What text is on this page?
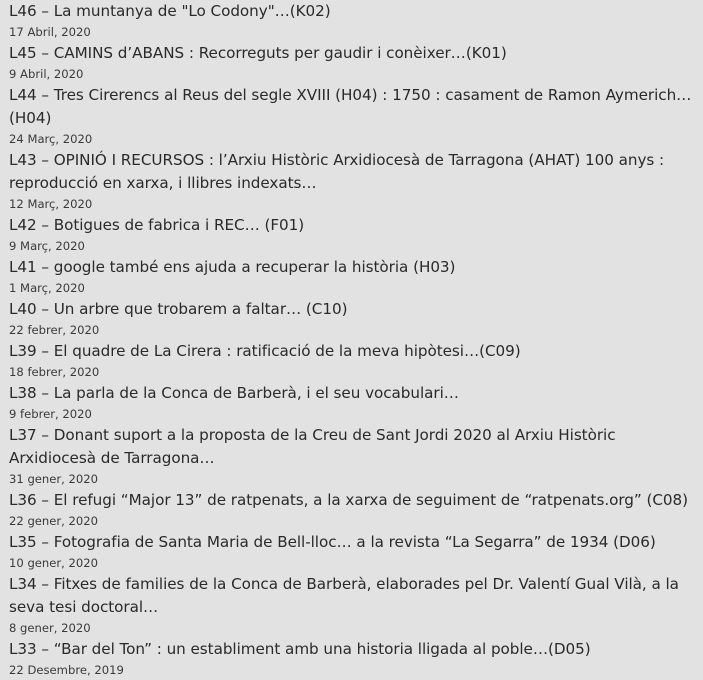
L46 – La muntanya de "Lo Codony"…(K02)
17 Abril, 2020
L45 – CAMINS d’ABANS : Recorreguts per gaudir i conèixer…(K01)
9 Abril, 2020
L44 – Tres Cirerencs al Reus del segle XVIII (H04) : 1750 : casament de Ramon Aymerich… (H04)
24 Març, 2020
L43 – OPINIÓ I RECURSOS : l’Arxiu Històric Arxidiocesà de Tarragona (AHAT) 100 anys : reproducció en xarxa, i llibres indexats…
12 Març, 2020
L42 – Botigues de fabrica i REC… (F01)
9 Març, 2020
L41 – google també ens ajuda a recuperar la història (H03)
1 Març, 2020
L40 – Un arbre que trobarem a faltar… (C10)
22 febrer, 2020
L39 – El quadre de La Cirera : ratificació de la meva hipòtesi…(C09)
18 febrer, 2020
L38 – La parla de la Conca de Barberà, i el seu vocabulari…
9 febrer, 2020
L37 – Donant suport a la proposta de la Creu de Sant Jordi 2020 al Arxiu Històric Arxidiocesà de Tarragona…
31 gener, 2020
L36 – El refugi “Major 13” de ratpenats, a la xarxa de seguiment de “ratpenats.org” (C08)
22 gener, 2020
L35 – Fotografia de Santa Maria de Bell-lloc… a la revista “La Segarra” de 1934 (D06)
10 gener, 2020
L34 – Fitxes de families de la Conca de Barberà, elaborades pel Dr. Valentí Gual Vilà, a la seva tesi doctoral…
8 gener, 2020
L33 – “Bar del Ton” : un establiment amb una historia lligada al poble…(D05)
22 Desembre, 2019
